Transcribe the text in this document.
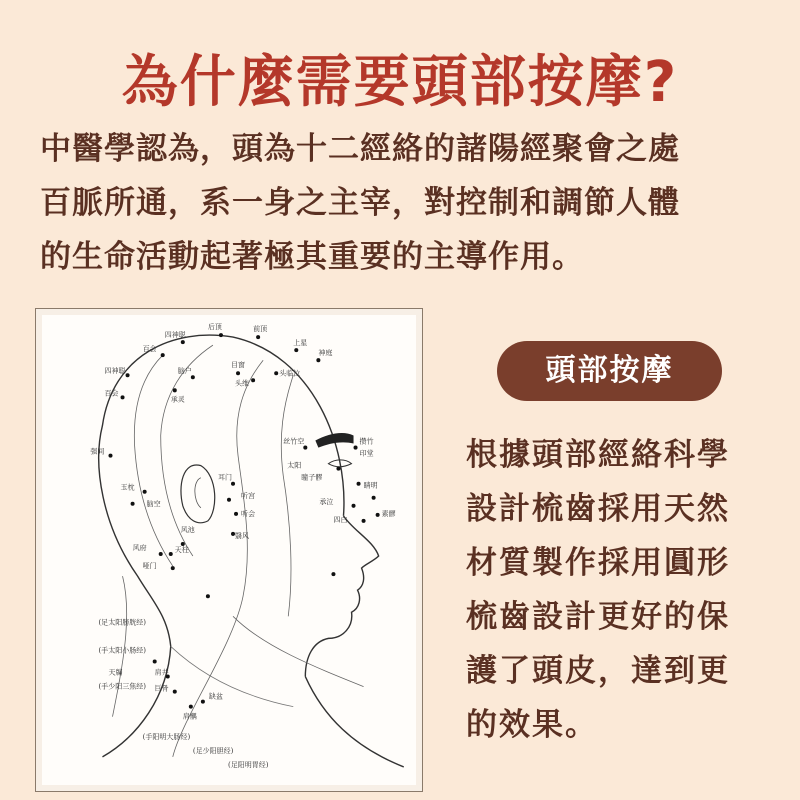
為什麼需要頭部按摩?
中醫學認為，頭為十二經絡的諸陽經聚會之處
百脈所通，系一身之主宰，對控制和調節人體
的生命活動起著極其重要的主導作用。
四神聪
后顶	前顶
上星
神庭
百会
四神聪
百会
脑户
目窗
头临泣
承灵
头维
强间
丝竹空	攒竹
印堂
太阳
瞳子髎
睛明
耳门
玉枕
听宫
承泣
脑空
听会
四白
素髎
风池
翳风
风府	天柱
哑门
(足太阳膀胱经)
(手太阳小肠经)
天牖	肩井
(手少阳三焦经) 巨骨
缺盆
肩髃
(手阳明大肠经)
(足少阳胆经)
(足阳明胃经)
頭部按摩
根據頭部經絡科學
設計梳齒採用天然
材質製作採用圓形
梳齒設計更好的保
護了頭皮，達到更
的效果。
